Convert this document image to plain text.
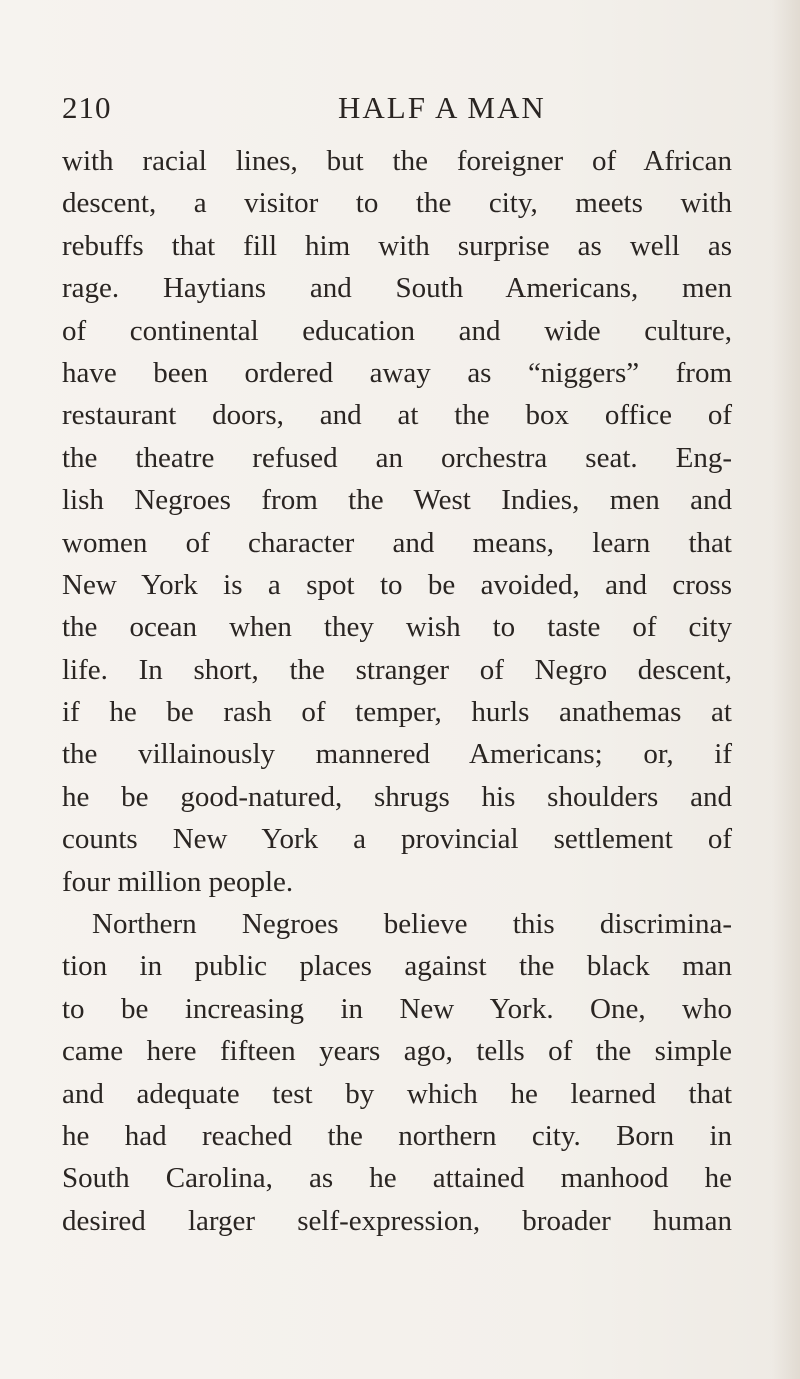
210	HALF A MAN
with racial lines, but the foreigner of African
descent, a visitor to the city, meets with
rebuffs that fill him with surprise as well as
rage. Haytians and South Americans, men
of continental education and wide culture,
have been ordered away as “niggers” from
restaurant doors, and at the box office of
the theatre refused an orchestra seat. Eng-
lish Negroes from the West Indies, men and
women of character and means, learn that
New York is a spot to be avoided, and cross
the ocean when they wish to taste of city
life. In short, the stranger of Negro descent,
if he be rash of temper, hurls anathemas at
the villainously mannered Americans; or, if
he be good-natured, shrugs his shoulders and
counts New York a provincial settlement of
four million people.
Northern Negroes believe this discrimina-
tion in public places against the black man
to be increasing in New York. One, who
came here fifteen years ago, tells of the simple
and adequate test by which he learned that
he had reached the northern city. Born in
South Carolina, as he attained manhood he
desired larger self-expression, broader human
